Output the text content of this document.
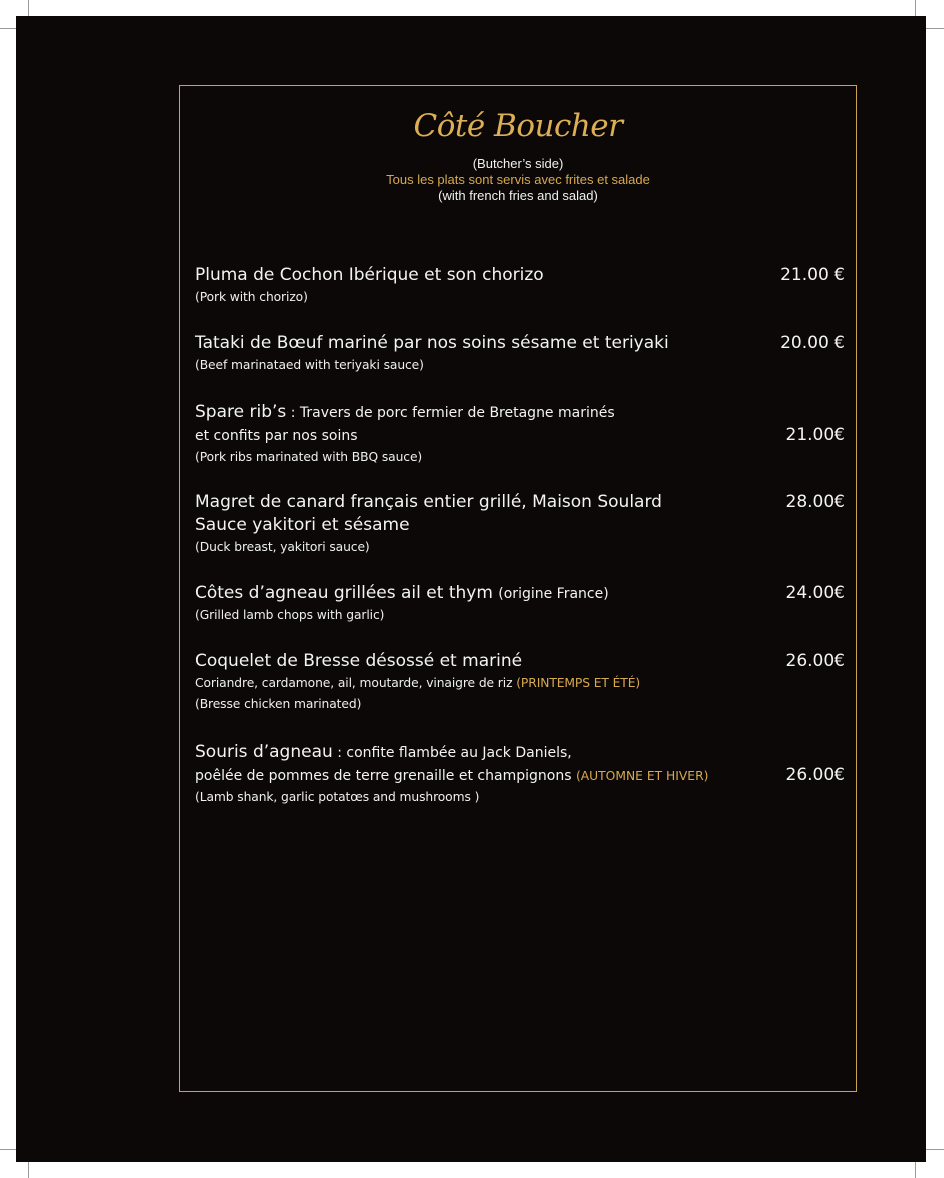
Côté Boucher
(Butcher’s side)
Tous les plats sont servis avec frites et salade
(with french fries and salad)
Pluma de Cochon Ibérique et son chorizo
(Pork with chorizo)
21.00 €
Tataki de Bœuf mariné par nos soins sésame et teriyaki
(Beef marinataed with teriyaki sauce)
20.00 €
Spare rib’s : Travers de porc fermier de Bretagne marinés
et confits par nos soins
(Pork ribs marinated with BBQ sauce)
21.00€
Magret de canard français entier grillé, Maison Soulard
Sauce yakitori et sésame
(Duck breast, yakitori sauce)
28.00€
Côtes d’agneau grillées ail et thym (origine France)
(Grilled lamb chops with garlic)
24.00€
Coquelet de Bresse désossé et mariné
Coriandre, cardamone, ail, moutarde, vinaigre de riz (PRINTEMPS ET ÉTÉ)
(Bresse chicken marinated)
26.00€
Souris d’agneau : confite flambée au Jack Daniels,
poêlée de pommes de terre grenaille et champignons (AUTOMNE ET HIVER)
(Lamb shank, garlic potatœs and mushrooms )
26.00€
